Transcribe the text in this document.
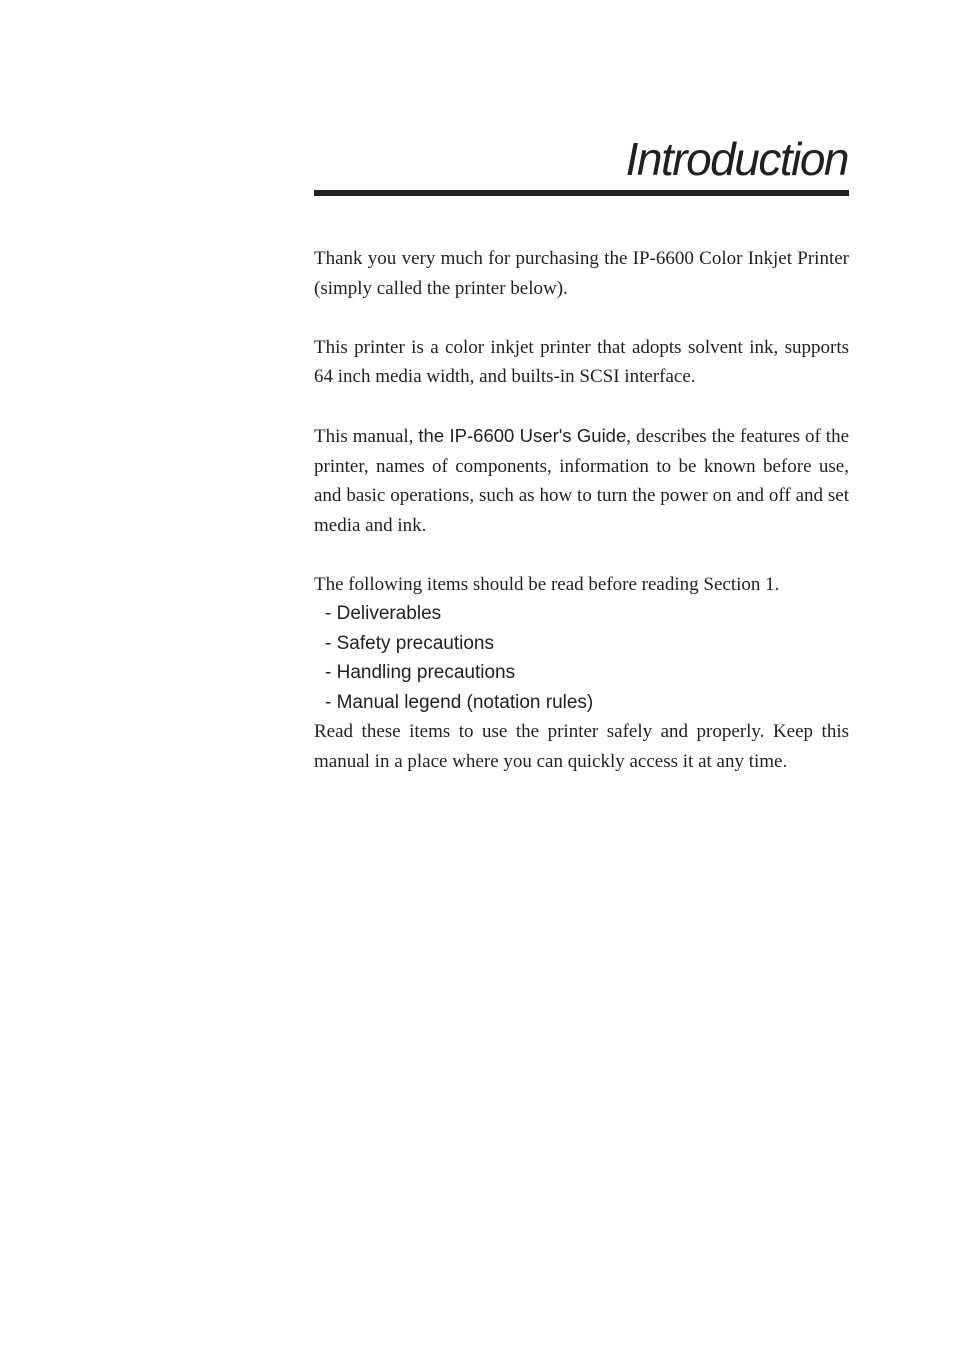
Introduction

Thank you very much for purchasing the IP-6600 Color Inkjet Printer (simply called the printer below).

This printer is a color inkjet printer that adopts solvent ink, supports 64 inch media width, and builts-in SCSI interface.

This manual, the IP-6600 User's Guide, describes the features of the printer, names of components, information to be known before use, and basic operations, such as how to turn the power on and off and set media and ink.

The following items should be read before reading Section 1.

- Deliverables
- Safety precautions
- Handling precautions
- Manual legend (notation rules)

Read these items to use the printer safely and properly. Keep this manual in a place where you can quickly access it at any time.
